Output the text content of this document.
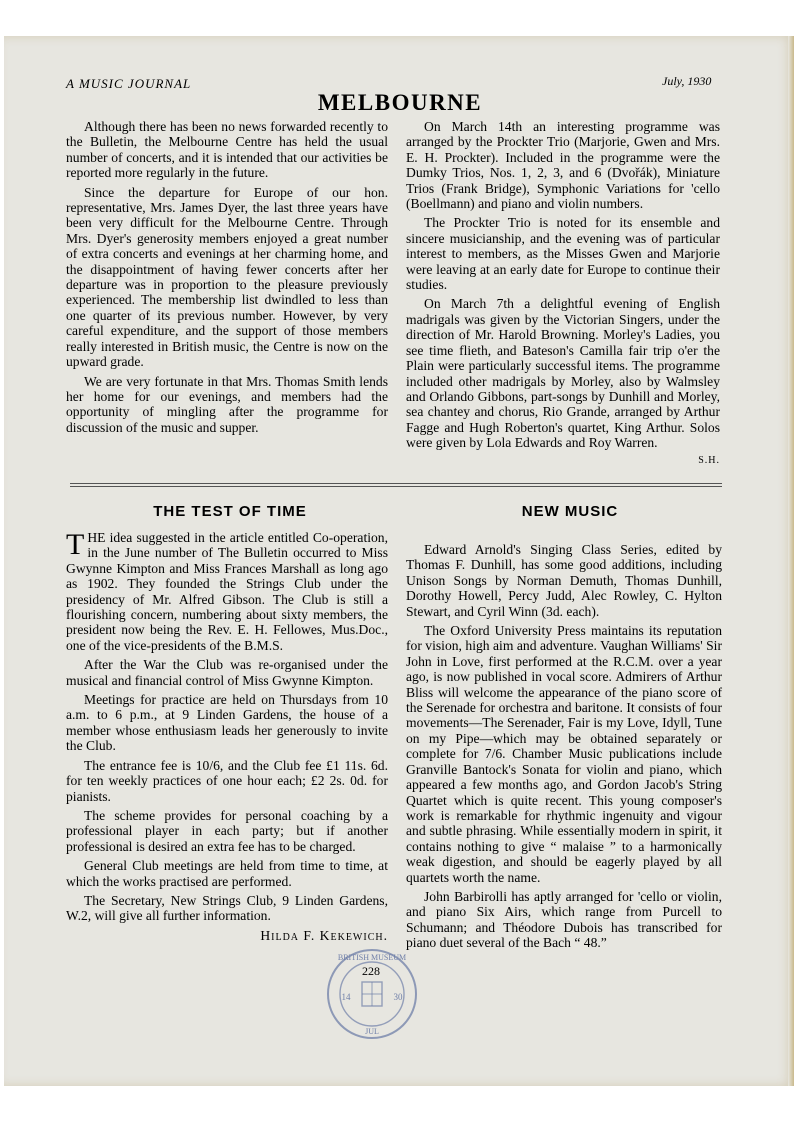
A MUSIC JOURNAL	July, 1930
MELBOURNE

Although there has been no news forwarded recently to the Bulletin, the Melbourne Centre has held the usual number of concerts, and it is intended that our activities be reported more regularly in the future.

Since the departure for Europe of our hon. representative, Mrs. James Dyer, the last three years have been very difficult for the Melbourne Centre. Through Mrs. Dyer's generosity members enjoyed a great number of extra concerts and evenings at her charming home, and the disappointment of having fewer concerts after her departure was in proportion to the pleasure previously experienced. The membership list dwindled to less than one quarter of its previous number. However, by very careful expenditure, and the support of those members really interested in British music, the Centre is now on the upward grade.

We are very fortunate in that Mrs. Thomas Smith lends her home for our evenings, and members had the opportunity of mingling after the programme for discussion of the music and supper.

On March 14th an interesting programme was arranged by the Prockter Trio (Marjorie, Gwen and Mrs. E. H. Prockter). Included in the programme were the Dumky Trios, Nos. 1, 2, 3, and 6 (Dvořák), Miniature Trios (Frank Bridge), Symphonic Variations for 'cello (Boellmann) and piano and violin numbers.

The Prockter Trio is noted for its ensemble and sincere musicianship, and the evening was of particular interest to members, as the Misses Gwen and Marjorie were leaving at an early date for Europe to continue their studies.

On March 7th a delightful evening of English madrigals was given by the Victorian Singers, under the direction of Mr. Harold Browning. Morley's Ladies, you see time flieth, and Bateson's Camilla fair trip o'er the Plain were particularly successful items. The programme included other madrigals by Morley, also by Walmsley and Orlando Gibbons, part-songs by Dunhill and Morley, sea chantey and chorus, Rio Grande, arranged by Arthur Fagge and Hugh Roberton's quartet, King Arthur. Solos were given by Lola Edwards and Roy Warren.

S.H.
THE TEST OF TIME	NEW MUSIC

THE idea suggested in the article entitled Co-operation, in the June number of The Bulletin occurred to Miss Gwynne Kimpton and Miss Frances Marshall as long ago as 1902. They founded the Strings Club under the presidency of Mr. Alfred Gibson. The Club is still a flourishing concern, numbering about sixty members, the president now being the Rev. E. H. Fellowes, Mus.Doc., one of the vice-presidents of the B.M.S.

After the War the Club was re-organised under the musical and financial control of Miss Gwynne Kimpton.

Meetings for practice are held on Thursdays from 10 a.m. to 6 p.m., at 9 Linden Gardens, the house of a member whose enthusiasm leads her generously to invite the Club.

The entrance fee is 10/6, and the Club fee £1 11s. 6d. for ten weekly practices of one hour each; £2 2s. 0d. for pianists.

The scheme provides for personal coaching by a professional player in each party; but if another professional is desired an extra fee has to be charged.

General Club meetings are held from time to time, at which the works practised are performed.

The Secretary, New Strings Club, 9 Linden Gardens, W.2, will give all further information.

Hilda F. Kekewich.

Edward Arnold's Singing Class Series, edited by Thomas F. Dunhill, has some good additions, including Unison Songs by Norman Demuth, Thomas Dunhill, Dorothy Howell, Percy Judd, Alec Rowley, C. Hylton Stewart, and Cyril Winn (3d. each).

The Oxford University Press maintains its reputation for vision, high aim and adventure. Vaughan Williams' Sir John in Love, first performed at the R.C.M. over a year ago, is now published in vocal score. Admirers of Arthur Bliss will welcome the appearance of the piano score of the Serenade for orchestra and baritone. It consists of four movements—The Serenader, Fair is my Love, Idyll, Tune on my Pipe—which may be obtained separately or complete for 7/6. Chamber Music publications include Granville Bantock's Sonata for violin and piano, which appeared a few months ago, and Gordon Jacob's String Quartet which is quite recent. This young composer's work is remarkable for rhythmic ingenuity and vigour and subtle phrasing. While essentially modern in spirit, it contains nothing to give “ malaise ” to a harmonically weak digestion, and should be eagerly played by all quartets worth the name.

John Barbirolli has aptly arranged for 'cello or violin, and piano Six Airs, which range from Purcell to Schumann; and Théodore Dubois has transcribed for piano duet several of the Bach “ 48.”

BRITISH MUSEUM
14	30
JUL
228
